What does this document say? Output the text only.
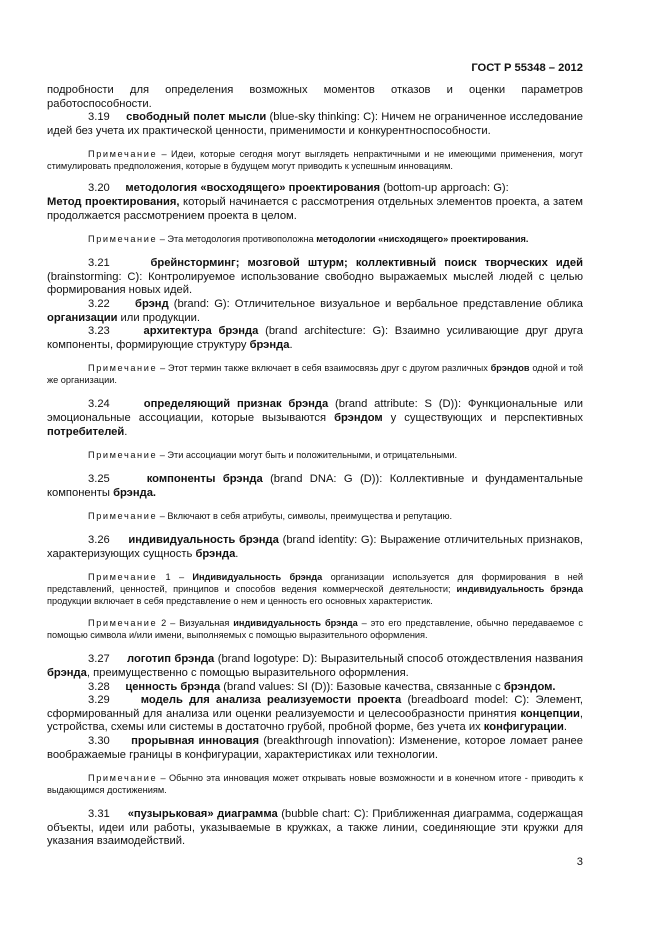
ГОСТ Р 55348 – 2012

подробности для определения возможных моментов отказов и оценки параметров

работоспособности.

3.19 свободный полет мысли (blue-sky thinking: C): Ничем не ограниченное исследование идей без учета их практической ценности, применимости и конкурентноспособности.

Примечание – Идеи, которые сегодня могут выглядеть непрактичными и не имеющими применения, могут стимулировать предположения, которые в будущем могут приводить к успешным инновациям.

3.20 методология «восходящего» проектирования (bottom-up approach: G):

Метод проектирования, который начинается с рассмотрения отдельных элементов проекта, а затем продолжается рассмотрением проекта в целом.

Примечание – Эта методология противоположна методологии «нисходящего» проектирования.

3.21	брейнсторминг; мозговой штурм; коллективный поиск творческих идей (brainstorming: C): Контролируемое использование свободно выражаемых мыслей людей с целью формирования новых идей.

3.22 брэнд (brand: G): Отличительное визуальное и вербальное представление облика организации или продукции.

3.23	архитектура брэнда (brand architecture: G): Взаимно усиливающие друг друга компоненты, формирующие структуру брэнда.

Примечание – Этот термин также включает в себя взаимосвязь друг с другом различных брэндов одной и той же организации.

3.24	определяющий признак брэнда (brand attribute: S (D)): Функциональные или эмоциональные ассоциации, которые вызываются брэндом у существующих и перспективных потребителей.

Примечание – Эти ассоциации могут быть и положительными, и отрицательными.

3.25	компоненты брэнда (brand DNA: G (D)): Коллективные и фундаментальные компоненты брэнда.

Примечание – Включают в себя атрибуты, символы, преимущества и репутацию.

3.26 индивидуальность брэнда (brand identity: G): Выражение отличительных признаков, характеризующих сущность брэнда.

Примечание 1 – Индивидуальность брэнда организации используется для формирования в ней представлений, ценностей, принципов и способов ведения коммерческой деятельности; индивидуальность брэнда продукции включает в себя представление о нем и ценность его основных характеристик.

Примечание 2 – Визуальная индивидуальность брэнда – это его представление, обычно передаваемое с помощью символа и/или имени, выполняемых с помощью выразительного оформления.

3.27 логотип брэнда (brand logotype: D): Выразительный способ отождествления названия брэнда, преимущественно с помощью выразительного оформления.

3.28 ценность брэнда (brand values: SI (D)): Базовые качества, связанные с брэндом.

3.29	модель для анализа реализуемости проекта (breadboard model: C): Элемент, сформированный для анализа или оценки реализуемости и целесообразности принятия концепции, устройства, схемы или системы в достаточно грубой, пробной форме, без учета их конфигурации.

3.30 прорывная инновация (breakthrough innovation): Изменение, которое ломает ранее воображаемые границы в конфигурации, характеристиках или технологии.

Примечание – Обычно эта инновация может открывать новые возможности и в конечном итоге - приводить к выдающимся достижениям.

3.31 «пузырьковая» диаграмма (bubble chart: C): Приближенная диаграмма, содержащая объекты, идеи или работы, указываемые в кружках, а также линии, соединяющие эти кружки для указания взаимодействий.

3
